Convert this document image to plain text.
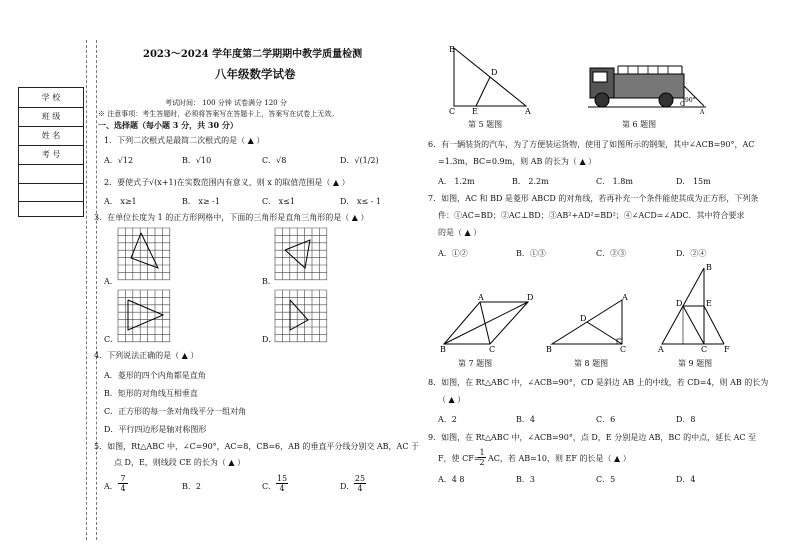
学 校
班 级
姓 名
考 号
2023～2024 学年度第二学期期中教学质量检测
八年级数学试卷
考试时间： 100 分钟 试卷满分 120 分
※ 注意事项：考生答题时，必须将答案写在答题卡上，答案写在试卷上无效。
一、选择题（每小题 3 分，共 30 分）
1．下列二次根式是最简二次根式的是（ ▲ ）
A．√12	B．√10	C．√8	D．√(1/2)
2．要使式子√(x+1)在实数范围内有意义，则 x 的取值范围是（ ▲ ）
A． x≥1	B． x≥ -1	C． x≤1	D． x≤ - 1
3．在单位长度为 1 的正方形网格中，下面的三角形是直角三角形的是（ ▲ ）
A．	B．
C．	D．
4．下列说法正确的是（ ▲ ）
A．菱形的四个内角都是直角
B．矩形的对角线互相垂直
C．正方形的每一条对角线平分一组对角
D．平行四边形是轴对称图形
5．如图，Rt△ABC 中，∠C=90°，AC=8，CB=6，AB 的垂直平分线分别交 AB，AC 于
点 D，E，则线段 CE 的长为（ ▲ ）
A．
7
4	B．2	C．
15
4	D．
25
4
B
D
C E	A
第 5 题图
C
90°
A
第 6 题图
6．有一辆装货的汽车，为了方便装运货物，使用了如图所示的钢架，其中∠ACB=90°，AC
=1.3m，BC=0.9m，则 AB 的长为（ ▲ ）
A． 1.2m	B． 2.2m	C． 1.8m	D． 15m
7．如图，AC 和 BD 是菱形 ABCD 的对角线，若再补充一个条件能使其成为正方形，下列条
件：①AC=BD；②AC⊥BD；③AB²+AD²=BD²；④∠ACD=∠ADC．其中符合要求
的是（ ▲ ）
A．①②	B．①③	C．②③	D．②④
A	D
B	C
第 7 题图
A
D
B	C
第 8 题图
B
D	E
A	C F
第 9 题图
8．如图，在 Rt△ABC 中，∠ACB=90°，CD 是斜边 AB 上的中线，若 CD=4，则 AB 的长为
（ ▲ ）
A．2	B．4	C．6	D．8
9．如图，在 Rt△ABC 中，∠ACB=90°，点 D，E 分别是边 AB，BC 的中点，延长 AC 至
F，使 CF=
1
2 AC，若 AB=10，则 EF 的长是（ ▲ ）
A．4 8	B．3	C．5	D．4
